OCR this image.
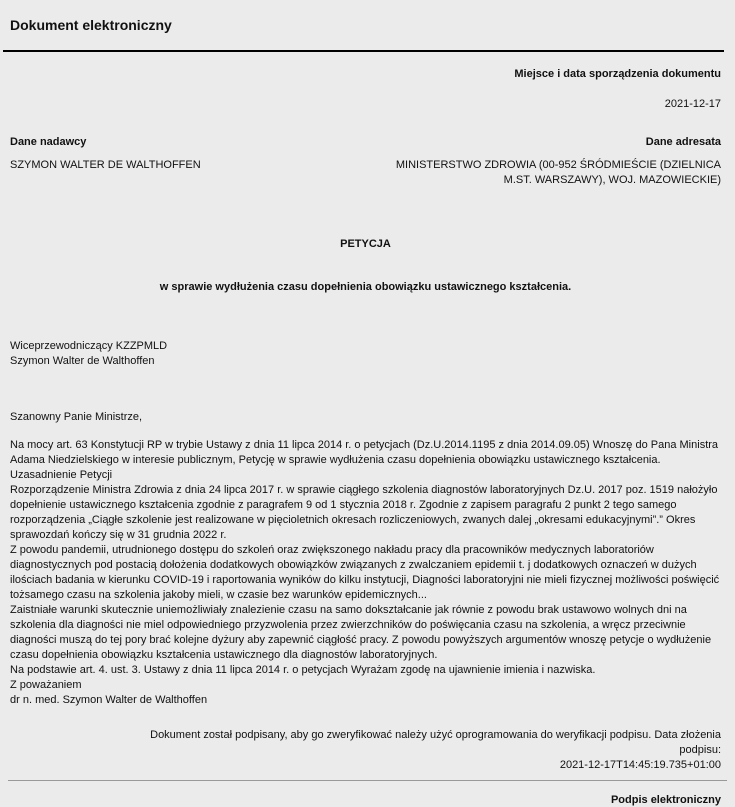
Dokument elektroniczny
Miejsce i data sporządzenia dokumentu
2021-12-17
Dane nadawcy	Dane adresata
SZYMON WALTER DE WALTHOFFEN	MINISTERSTWO ZDROWIA (00-952 ŚRÓDMIEŚCIE (DZIELNICA M.ST. WARSZAWY), WOJ. MAZOWIECKIE)
PETYCJA
w sprawie wydłużenia czasu dopełnienia obowiązku ustawicznego kształcenia.
Wiceprzewodniczący KZZPMLD
Szymon Walter de Walthoffen
Szanowny Panie Ministrze,

Na mocy art. 63 Konstytucji RP w trybie Ustawy z dnia 11 lipca 2014 r. o petycjach (Dz.U.2014.1195 z dnia 2014.09.05) Wnoszę do Pana Ministra Adama Niedzielskiego w interesie publicznym, Petycję w sprawie wydłużenia czasu dopełnienia obowiązku ustawicznego kształcenia.

Uzasadnienie Petycji

Rozporządzenie Ministra Zdrowia z dnia 24 lipca 2017 r. w sprawie ciągłego szkolenia diagnostów laboratoryjnych Dz.U. 2017 poz. 1519 nałożyło dopełnienie ustawicznego kształcenia zgodnie z paragrafem 9 od 1 stycznia 2018 r. Zgodnie z zapisem paragrafu 2 punkt 2 tego samego rozporządzenia „Ciągłe szkolenie jest realizowane w pięcioletnich okresach rozliczeniowych, zwanych dalej „okresami edukacyjnymi”.” Okres sprawozdań kończy się w 31 grudnia 2022 r.

Z powodu pandemii, utrudnionego dostępu do szkoleń oraz zwiększonego nakładu pracy dla pracowników medycznych laboratoriów diagnostycznych pod postacią dołożenia dodatkowych obowiązków związanych z zwalczaniem epidemii t. j dodatkowych oznaczeń w dużych ilościach badania w kierunku COVID-19 i raportowania wyników do kilku instytucji, Diagności laboratoryjni nie mieli fizycznej możliwości poświęcić tożsamego czasu na szkolenia jakoby mieli, w czasie bez warunków epidemicznych...

Zaistniałe warunki skutecznie uniemożliwiały znalezienie czasu na samo dokształcanie jak równie z powodu brak ustawowo wolnych dni na szkolenia dla diagności nie miel odpowiedniego przyzwolenia przez zwierzchników do poświęcania czasu na szkolenia, a wręcz przeciwnie diagności muszą do tej pory brać kolejne dyżury aby zapewnić ciągłość pracy. Z powodu powyższych argumentów wnoszę petycje o wydłużenie czasu dopełnienia obowiązku kształcenia ustawicznego dla diagnostów laboratoryjnych.

Na podstawie art. 4. ust. 3. Ustawy z dnia 11 lipca 2014 r. o petycjach Wyrażam zgodę na ujawnienie imienia i nazwiska.

Z poważaniem
dr n. med. Szymon Walter de Walthoffen
Dokument został podpisany, aby go zweryfikować należy użyć oprogramowania do weryfikacji podpisu. Data złożenia podpisu:
2021-12-17T14:45:19.735+01:00
Podpis elektroniczny
